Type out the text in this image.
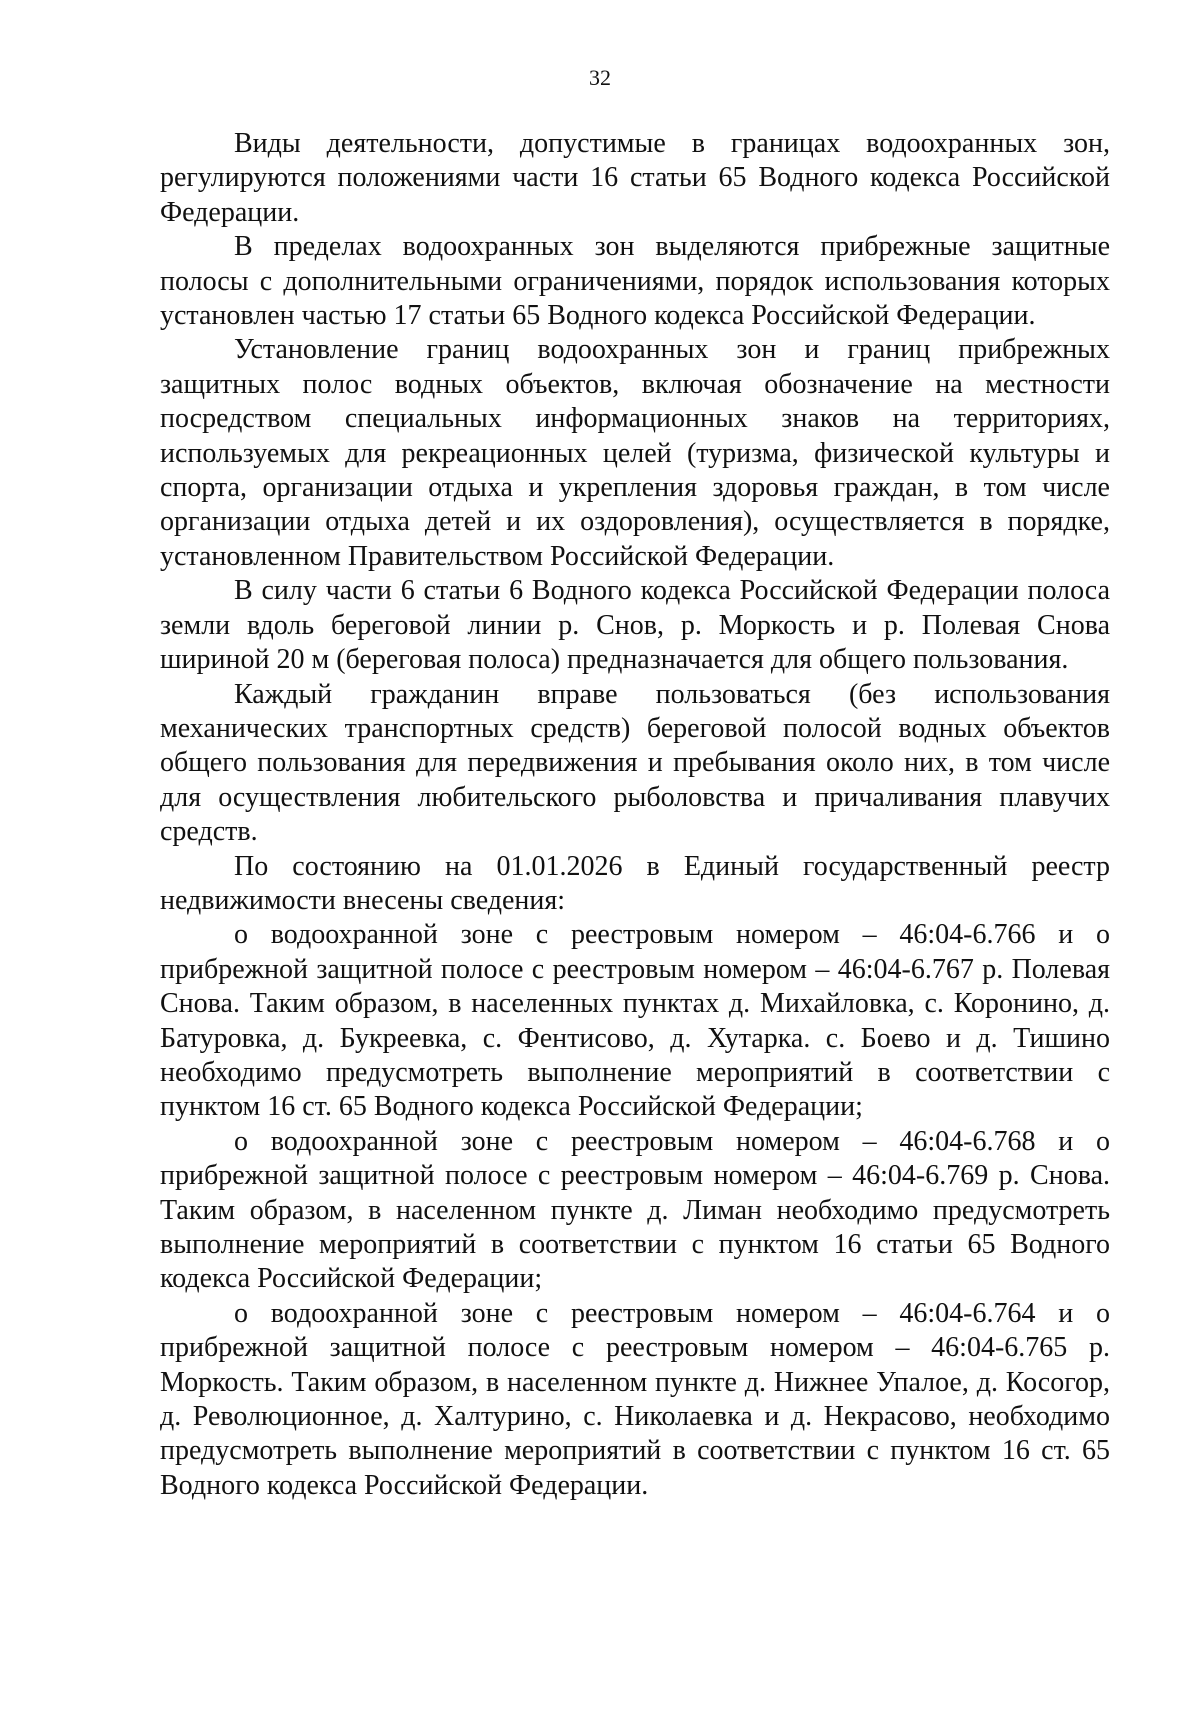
32

Виды деятельности, допустимые в границах водоохранных зон, регулируются положениями части 16 статьи 65 Водного кодекса Российской Федерации.

В пределах водоохранных зон выделяются прибрежные защитные полосы с дополнительными ограничениями, порядок использования которых установлен частью 17 статьи 65 Водного кодекса Российской Федерации.

Установление границ водоохранных зон и границ прибрежных защитных полос водных объектов, включая обозначение на местности посредством специальных информационных знаков на территориях, используемых для рекреационных целей (туризма, физической культуры и спорта, организации отдыха и укрепления здоровья граждан, в том числе организации отдыха детей и их оздоровления), осуществляется в порядке, установленном Правительством Российской Федерации.

В силу части 6 статьи 6 Водного кодекса Российской Федерации полоса земли вдоль береговой линии р. Снов, р. Моркость и р. Полевая Снова шириной 20 м (береговая полоса) предназначается для общего пользования.

Каждый гражданин вправе пользоваться (без использования механических транспортных средств) береговой полосой водных объектов общего пользования для передвижения и пребывания около них, в том числе для осуществления любительского рыболовства и причаливания плавучих средств.

По состоянию на 01.01.2026 в Единый государственный реестр недвижимости внесены сведения:

о водоохранной зоне с реестровым номером – 46:04-6.766 и о прибрежной защитной полосе с реестровым номером – 46:04-6.767 р. Полевая Снова. Таким образом, в населенных пунктах д. Михайловка, с. Коронино, д. Батуровка, д. Букреевка, с. Фентисово, д. Хутарка. с. Боево и д. Тишино необходимо предусмотреть выполнение мероприятий в соответствии с пунктом 16 ст. 65 Водного кодекса Российской Федерации;

о водоохранной зоне с реестровым номером – 46:04-6.768 и о прибрежной защитной полосе с реестровым номером – 46:04-6.769 р. Снова. Таким образом, в населенном пункте д. Лиман необходимо предусмотреть выполнение мероприятий в соответствии с пунктом 16 статьи 65 Водного кодекса Российской Федерации;

о водоохранной зоне с реестровым номером – 46:04-6.764 и о прибрежной защитной полосе с реестровым номером – 46:04-6.765 р. Моркость. Таким образом, в населенном пункте д. Нижнее Упалое, д. Косогор, д. Революционное, д. Халтурино, с. Николаевка и д. Некрасово, необходимо предусмотреть выполнение мероприятий в соответствии с пунктом 16 ст. 65 Водного кодекса Российской Федерации.
